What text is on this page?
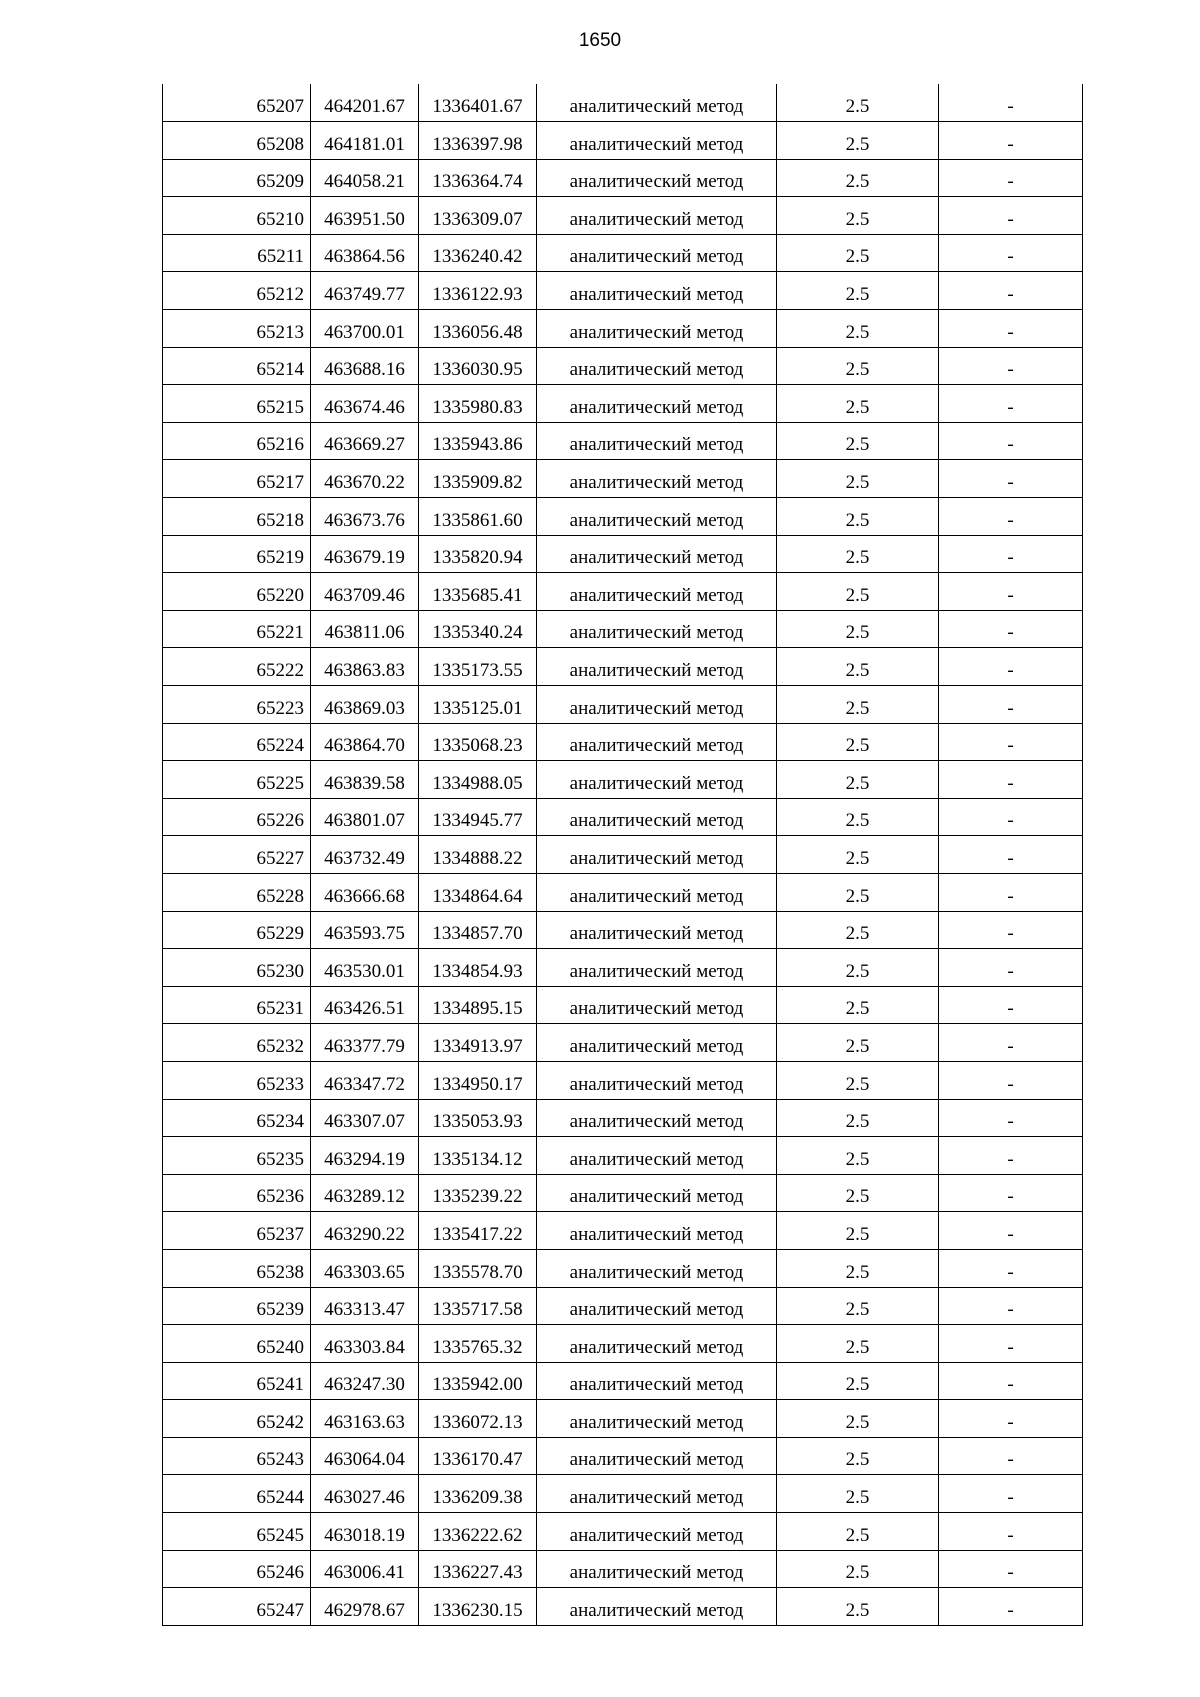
1650
65207	464201.67	1336401.67	аналитический метод	2.5	-
65208	464181.01	1336397.98	аналитический метод	2.5	-
65209	464058.21	1336364.74	аналитический метод	2.5	-
65210	463951.50	1336309.07	аналитический метод	2.5	-
65211	463864.56	1336240.42	аналитический метод	2.5	-
65212	463749.77	1336122.93	аналитический метод	2.5	-
65213	463700.01	1336056.48	аналитический метод	2.5	-
65214	463688.16	1336030.95	аналитический метод	2.5	-
65215	463674.46	1335980.83	аналитический метод	2.5	-
65216	463669.27	1335943.86	аналитический метод	2.5	-
65217	463670.22	1335909.82	аналитический метод	2.5	-
65218	463673.76	1335861.60	аналитический метод	2.5	-
65219	463679.19	1335820.94	аналитический метод	2.5	-
65220	463709.46	1335685.41	аналитический метод	2.5	-
65221	463811.06	1335340.24	аналитический метод	2.5	-
65222	463863.83	1335173.55	аналитический метод	2.5	-
65223	463869.03	1335125.01	аналитический метод	2.5	-
65224	463864.70	1335068.23	аналитический метод	2.5	-
65225	463839.58	1334988.05	аналитический метод	2.5	-
65226	463801.07	1334945.77	аналитический метод	2.5	-
65227	463732.49	1334888.22	аналитический метод	2.5	-
65228	463666.68	1334864.64	аналитический метод	2.5	-
65229	463593.75	1334857.70	аналитический метод	2.5	-
65230	463530.01	1334854.93	аналитический метод	2.5	-
65231	463426.51	1334895.15	аналитический метод	2.5	-
65232	463377.79	1334913.97	аналитический метод	2.5	-
65233	463347.72	1334950.17	аналитический метод	2.5	-
65234	463307.07	1335053.93	аналитический метод	2.5	-
65235	463294.19	1335134.12	аналитический метод	2.5	-
65236	463289.12	1335239.22	аналитический метод	2.5	-
65237	463290.22	1335417.22	аналитический метод	2.5	-
65238	463303.65	1335578.70	аналитический метод	2.5	-
65239	463313.47	1335717.58	аналитический метод	2.5	-
65240	463303.84	1335765.32	аналитический метод	2.5	-
65241	463247.30	1335942.00	аналитический метод	2.5	-
65242	463163.63	1336072.13	аналитический метод	2.5	-
65243	463064.04	1336170.47	аналитический метод	2.5	-
65244	463027.46	1336209.38	аналитический метод	2.5	-
65245	463018.19	1336222.62	аналитический метод	2.5	-
65246	463006.41	1336227.43	аналитический метод	2.5	-
65247	462978.67	1336230.15	аналитический метод	2.5	-
